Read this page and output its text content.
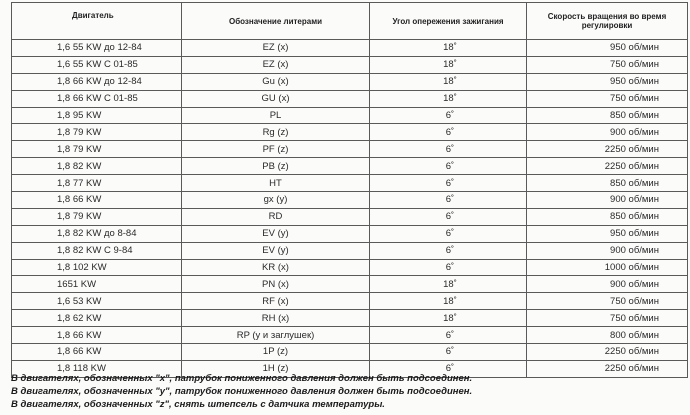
Двигатель	Обозначение литерами	Угол опережения зажигания	Скорость вращения во время регулировки
1,6 55 KW до 12-84	EZ (x)	18˚	950 об/мин
1,6 55 KW C 01-85	EZ (x)	18˚	750 об/мин
1,8 66 KW до 12-84	Gu (x)	18˚	950 об/мин
1,8 66 KW C 01-85	GU (x)	18˚	750 об/мин
1,8 95 KW	PL	6˚	850 об/мин
1,8 79 KW	Rg (z)	6˚	900 об/мин
1,8 79 KW	PF (z)	6˚	2250 об/мин
1,8 82 KW	PB (z)	6˚	2250 об/мин
1,8 77 KW	HT	6˚	850 об/мин
1,8 66 KW	gx (y)	6˚	900 об/мин
1,8 79 KW	RD	6˚	850 об/мин
1,8 82 KW до 8-84	EV (y)	6˚	950 об/мин
1,8 82 KW C 9-84	EV (y)	6˚	900 об/мин
1,8 102 KW	KR (x)	6˚	1000 об/мин
1651 KW	PN (x)	18˚	900 об/мин
1,6 53 KW	RF (x)	18˚	750 об/мин
1,8 62 KW	RH (x)	18˚	750 об/мин
1,8 66 KW	RP (y и заглушек)	6˚	800 об/мин
1,8 66 KW	1P (z)	6˚	2250 об/мин
1,8 118 KW	1H (z)	6˚	2250 об/мин
В двигателях, обозначенных "х", патрубок пониженного давления должен быть подсоединен.
В двигателях, обозначенных "у", патрубок пониженного давления должен быть подсоединен.
В двигателях, обозначенных "z", снять штепсель с датчика температуры.
